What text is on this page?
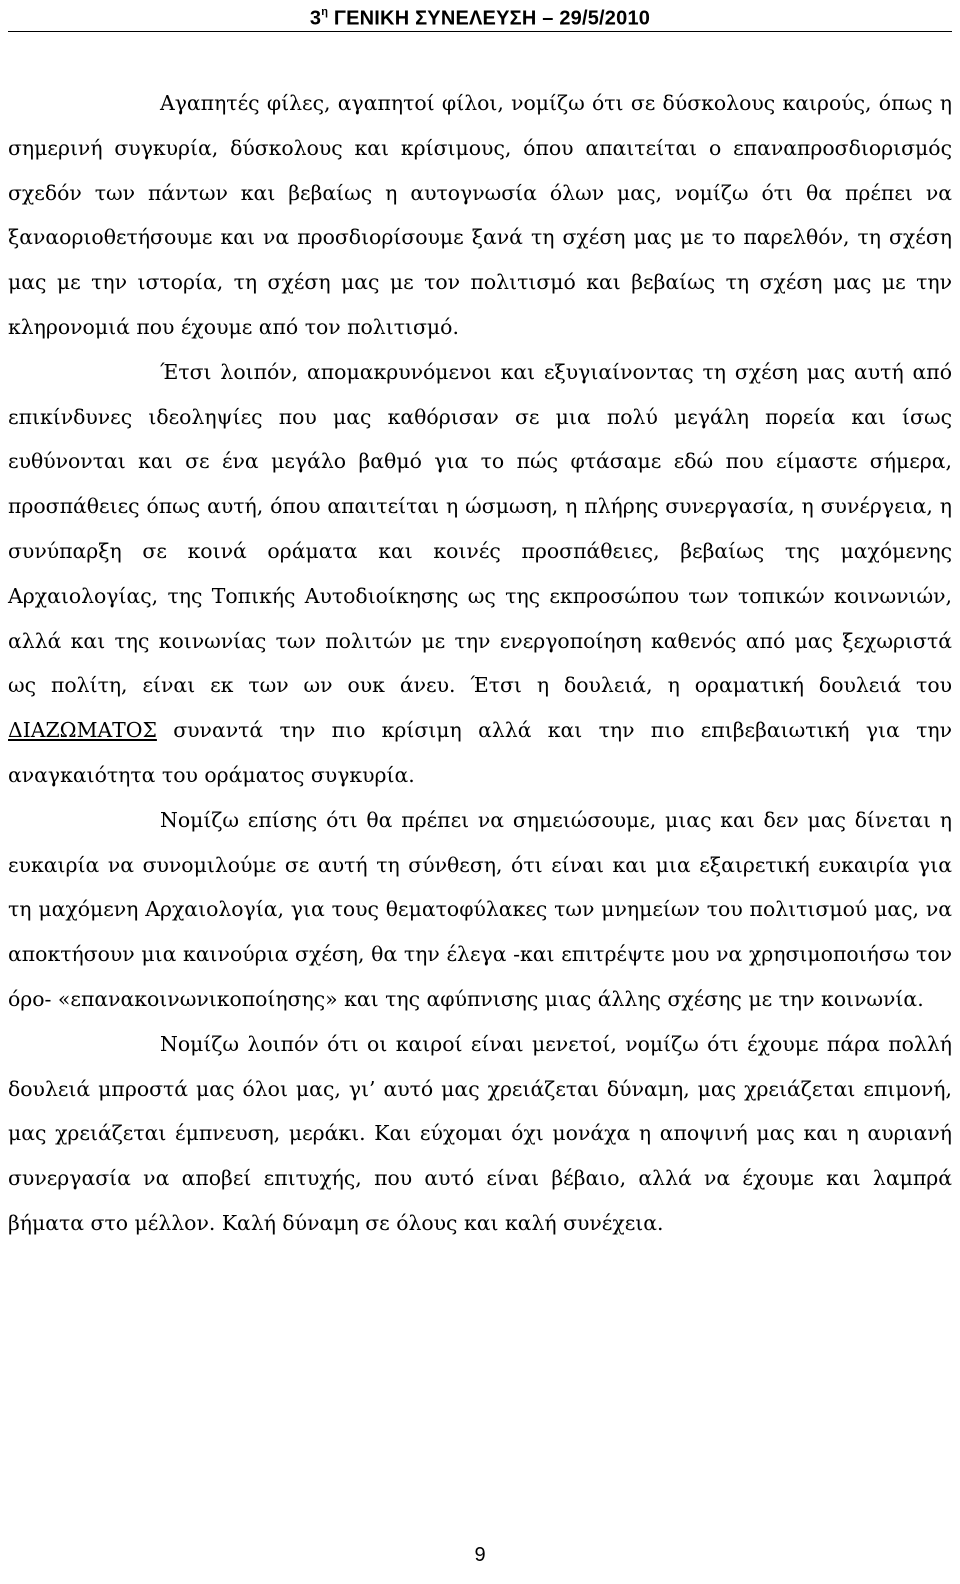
$3^\eta$ ΓΕΝΙΚΗ ΣΥΝΕΛΕΥΣΗ – 29/5/2010

Αγαπητές φίλες, αγαπητοί φίλοι, νομίζω ότι σε δύσκολους καιρούς, όπως η σημερινή συγκυρία, δύσκολους και κρίσιμους, όπου απαιτείται ο επαναπροσδιορισμός σχεδόν των πάντων και βεβαίως η αυτογνωσία όλων μας, νομίζω ότι θα πρέπει να ξαναοριοθετήσουμε και να προσδιορίσουμε ξανά τη σχέση μας με το παρελθόν, τη σχέση μας με την ιστορία, τη σχέση μας με τον πολιτισμό και βεβαίως τη σχέση μας με την κληρονομιά που έχουμε από τον πολιτισμό.

Έτσι λοιπόν, απομακρυνόμενοι και εξυγιαίνοντας τη σχέση μας αυτή από επικίνδυνες ιδεοληψίες που μας καθόρισαν σε μια πολύ μεγάλη πορεία και ίσως ευθύνονται και σε ένα μεγάλο βαθμό για το πώς φτάσαμε εδώ που είμαστε σήμερα, προσπάθειες όπως αυτή, όπου απαιτείται η ώσμωση, η πλήρης συνεργασία, η συνέργεια, η συνύπαρξη σε κοινά οράματα και κοινές προσπάθειες, βεβαίως της μαχόμενης Αρχαιολογίας, της Τοπικής Αυτοδιοίκησης ως της εκπροσώπου των τοπικών κοινωνιών, αλλά και της κοινωνίας των πολιτών με την ενεργοποίηση καθενός από μας ξεχωριστά ως πολίτη, είναι εκ των ων ουκ άνευ. Έτσι η δουλειά, η οραματική δουλειά του ΔΙΑΖΩΜΑΤΟΣ συναντά την πιο κρίσιμη αλλά και την πιο επιβεβαιωτική για την αναγκαιότητα του οράματος συγκυρία.

Νομίζω επίσης ότι θα πρέπει να σημειώσουμε, μιας και δεν μας δίνεται η ευκαιρία να συνομιλούμε σε αυτή τη σύνθεση, ότι είναι και μια εξαιρετική ευκαιρία για τη μαχόμενη Αρχαιολογία, για τους θεματοφύλακες των μνημείων του πολιτισμού μας, να αποκτήσουν μια καινούρια σχέση, θα την έλεγα -και επιτρέψτε μου να χρησιμοποιήσω τον όρο- «επανακοινωνικοποίησης» και της αφύπνισης μιας άλλης σχέσης με την κοινωνία.

Νομίζω λοιπόν ότι οι καιροί είναι μενετοί, νομίζω ότι έχουμε πάρα πολλή δουλειά μπροστά μας όλοι μας, γι’ αυτό μας χρειάζεται δύναμη, μας χρειάζεται επιμονή, μας χρειάζεται έμπνευση, μεράκι. Και εύχομαι όχι μονάχα η αποψινή μας και η αυριανή συνεργασία να αποβεί επιτυχής, που αυτό είναι βέβαιο, αλλά να έχουμε και λαμπρά βήματα στο μέλλον. Καλή δύναμη σε όλους και καλή συνέχεια.

9
